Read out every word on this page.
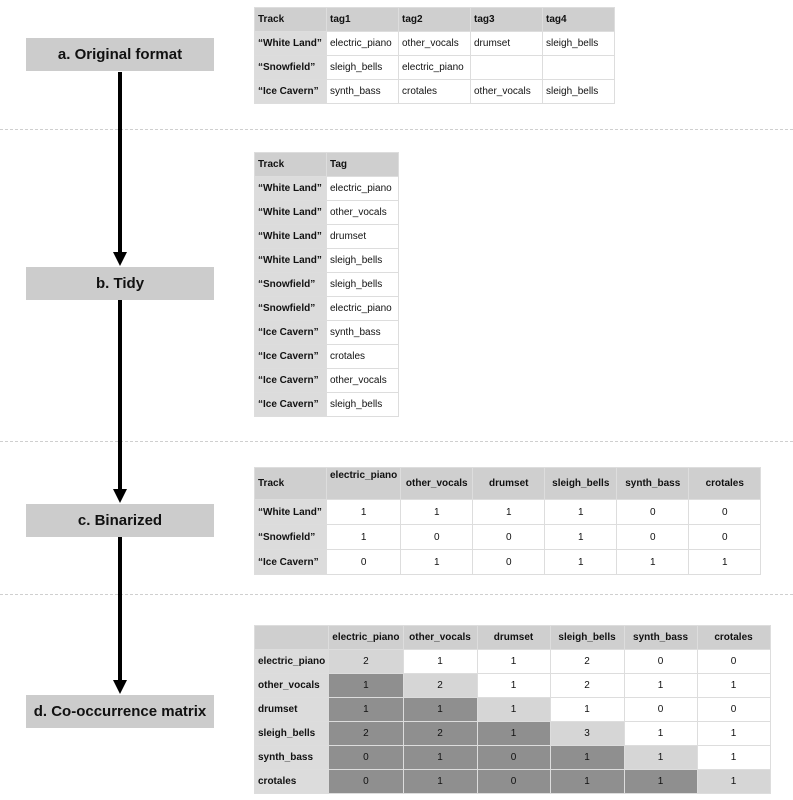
a. Original format
b. Tidy
c. Binarized
d. Co-occurrence matrix
Track	tag1	tag2	tag3	tag4
“White Land”	electric_piano	other_vocals	drumset	sleigh_bells
“Snowfield”	sleigh_bells	electric_piano		
“Ice Cavern”	synth_bass	crotales	other_vocals	sleigh_bells
Track	Tag
“White Land”	electric_piano
“White Land”	other_vocals
“White Land”	drumset
“White Land”	sleigh_bells
“Snowfield”	sleigh_bells
“Snowfield”	electric_piano
“Ice Cavern”	synth_bass
“Ice Cavern”	crotales
“Ice Cavern”	other_vocals
“Ice Cavern”	sleigh_bells
Track	electric_piano	other_vocals	drumset	sleigh_bells	synth_bass	crotales
“White Land”	1	1	1	1	0	0
“Snowfield”	1	0	0	1	0	0
“Ice Cavern”	0	1	0	1	1	1
	electric_piano	other_vocals	drumset	sleigh_bells	synth_bass	crotales
electric_piano	2	1	1	2	0	0
other_vocals	1	2	1	2	1	1
drumset	1	1	1	1	0	0
sleigh_bells	2	2	1	3	1	1
synth_bass	0	1	0	1	1	1
crotales	0	1	0	1	1	1
